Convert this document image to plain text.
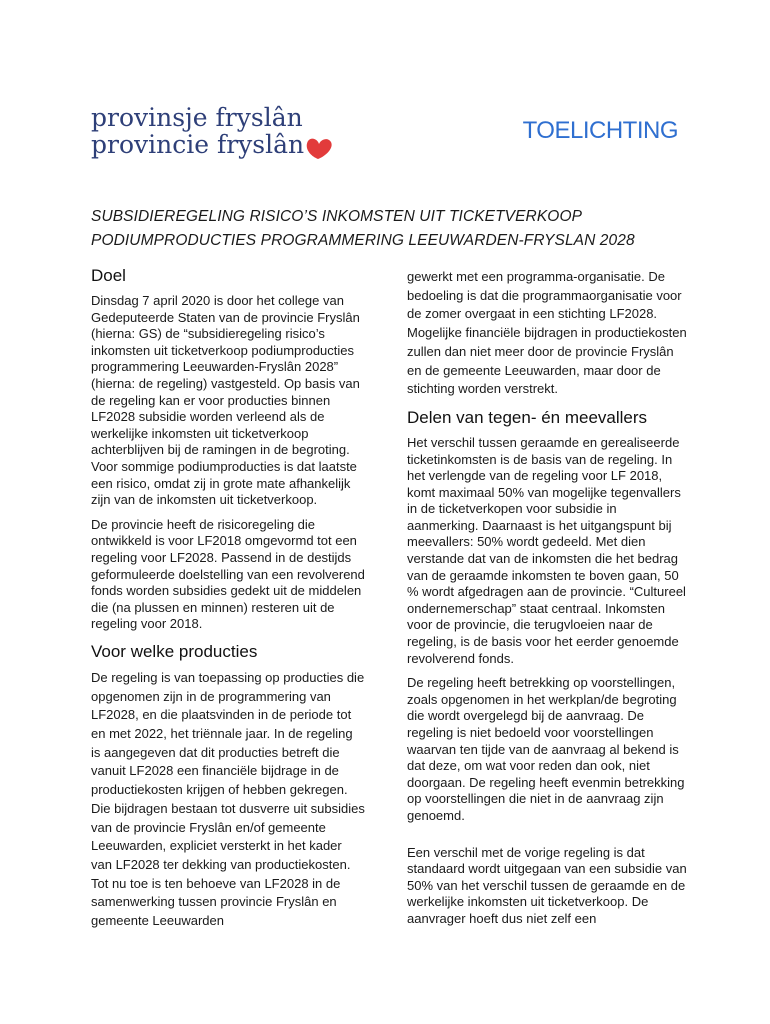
provinsje fryslân
provincie fryslân	TOELICHTING
SUBSIDIEREGELING RISICO’S INKOMSTEN UIT TICKETVERKOOP
PODIUMPRODUCTIES PROGRAMMERING LEEUWARDEN-FRYSLAN 2028
Doel

Dinsdag 7 april 2020 is door het college van Gedeputeerde Staten van de provincie Fryslân (hierna: GS) de “subsidieregeling risico’s inkomsten uit ticketverkoop podiumproducties programmering Leeuwarden-Fryslân 2028” (hierna: de regeling) vastgesteld. Op basis van de regeling kan er voor producties binnen LF2028 subsidie worden verleend als de werkelijke inkomsten uit ticketverkoop achterblijven bij de ramingen in de begroting. Voor sommige podiumproducties is dat laatste een risico, omdat zij in grote mate afhankelijk zijn van de inkomsten uit ticketverkoop.

De provincie heeft de risicoregeling die ontwikkeld is voor LF2018 omgevormd tot een regeling voor LF2028. Passend in de destijds geformuleerde doelstelling van een revolverend fonds worden subsidies gedekt uit de middelen die (na plussen en minnen) resteren uit de regeling voor 2018.

Voor welke producties

De regeling is van toepassing op producties die opgenomen zijn in de programmering van LF2028, en die plaatsvinden in de periode tot en met 2022, het triënnale jaar. In de regeling is aangegeven dat dit producties betreft die vanuit LF2028 een financiële bijdrage in de productiekosten krijgen of hebben gekregen. Die bijdragen bestaan tot dusverre uit subsidies van de provincie Fryslân en/of gemeente Leeuwarden, expliciet versterkt in het kader van LF2028 ter dekking van productiekosten. Tot nu toe is ten behoeve van LF2028 in de samenwerking tussen provincie Fryslân en gemeente Leeuwarden

gewerkt met een programma-organisatie. De bedoeling is dat die programmaorganisatie voor de zomer overgaat in een stichting LF2028. Mogelijke financiële bijdragen in productiekosten zullen dan niet meer door de provincie Fryslân en de gemeente Leeuwarden, maar door de stichting worden verstrekt.

Delen van tegen- én meevallers

Het verschil tussen geraamde en gerealiseerde ticketinkomsten is de basis van de regeling. In het verlengde van de regeling voor LF 2018, komt maximaal 50% van mogelijke tegenvallers in de ticketverkopen voor subsidie in aanmerking. Daarnaast is het uitgangspunt bij meevallers: 50% wordt gedeeld. Met dien verstande dat van de inkomsten die het bedrag van de geraamde inkomsten te boven gaan, 50 % wordt afgedragen aan de provincie. “Cultureel ondernemerschap” staat centraal. Inkomsten voor de provincie, die terugvloeien naar de regeling, is de basis voor het eerder genoemde revolverend fonds.

De regeling heeft betrekking op voorstellingen, zoals opgenomen in het werkplan/de begroting die wordt overgelegd bij de aanvraag. De regeling is niet bedoeld voor voorstellingen waarvan ten tijde van de aanvraag al bekend is dat deze, om wat voor reden dan ook, niet doorgaan. De regeling heeft evenmin betrekking op voorstellingen die niet in de aanvraag zijn genoemd.

Een verschil met de vorige regeling is dat standaard wordt uitgegaan van een subsidie van 50% van het verschil tussen de geraamde en de werkelijke inkomsten uit ticketverkoop. De aanvrager hoeft dus niet zelf een
